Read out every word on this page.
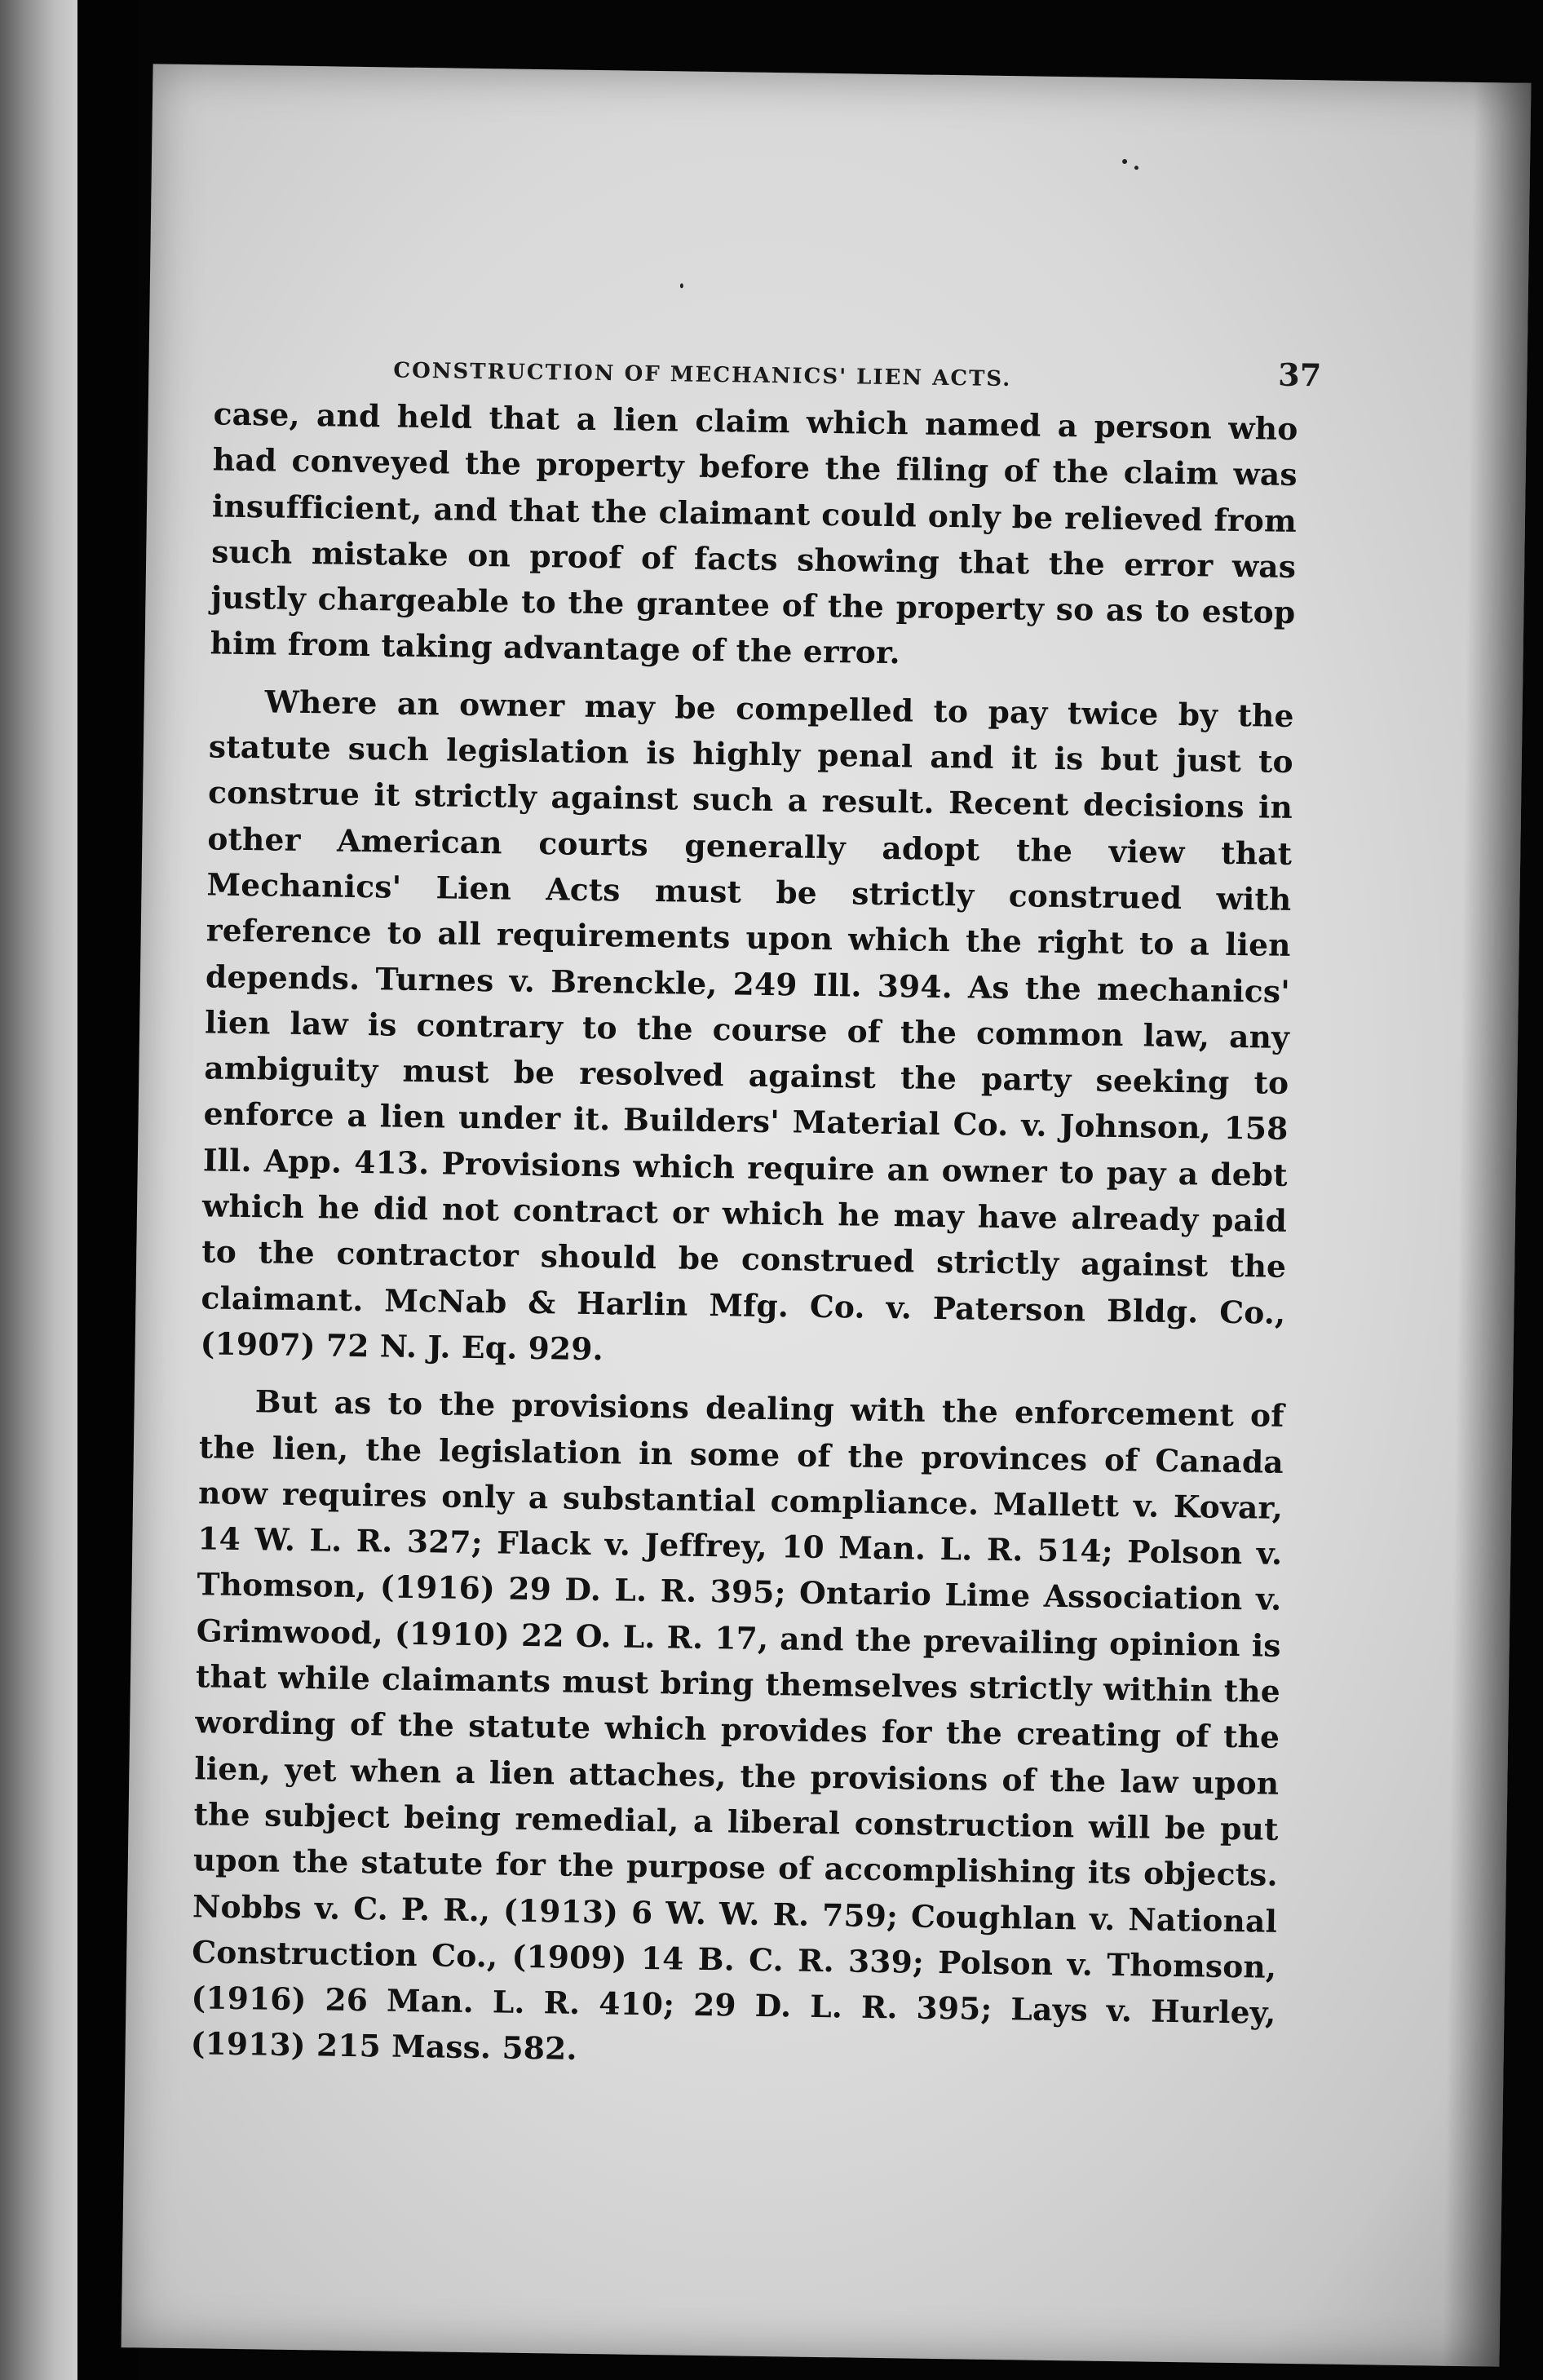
CONSTRUCTION OF MECHANICS' LIEN ACTS.	37

case, and held that a lien claim which named a person who had conveyed the property before the filing of the claim was insufficient, and that the claimant could only be relieved from such mistake on proof of facts showing that the error was justly chargeable to the grantee of the property so as to estop him from taking advantage of the error.

Where an owner may be compelled to pay twice by the statute such legislation is highly penal and it is but just to construe it strictly against such a result. Recent decisions in other American courts generally adopt the view that Mechanics' Lien Acts must be strictly construed with reference to all requirements upon which the right to a lien depends. Turnes v. Brenckle, 249 Ill. 394. As the mechanics' lien law is contrary to the course of the common law, any ambiguity must be resolved against the party seeking to enforce a lien under it. Builders' Material Co. v. Johnson, 158 Ill. App. 413. Provisions which require an owner to pay a debt which he did not contract or which he may have already paid to the contractor should be construed strictly against the claimant. McNab & Harlin Mfg. Co. v. Paterson Bldg. Co., (1907) 72 N. J. Eq. 929.

But as to the provisions dealing with the enforcement of the lien, the legislation in some of the provinces of Canada now requires only a substantial compliance. Mallett v. Kovar, 14 W. L. R. 327; Flack v. Jeffrey, 10 Man. L. R. 514; Polson v. Thomson, (1916) 29 D. L. R. 395; Ontario Lime Association v. Grimwood, (1910) 22 O. L. R. 17, and the prevailing opinion is that while claimants must bring themselves strictly within the wording of the statute which provides for the creating of the lien, yet when a lien attaches, the provisions of the law upon the subject being remedial, a liberal construction will be put upon the statute for the purpose of accomplishing its objects. Nobbs v. C. P. R., (1913) 6 W. W. R. 759; Coughlan v. National Construction Co., (1909) 14 B. C. R. 339; Polson v. Thomson, (1916) 26 Man. L. R. 410; 29 D. L. R. 395; Lays v. Hurley, (1913) 215 Mass. 582.
